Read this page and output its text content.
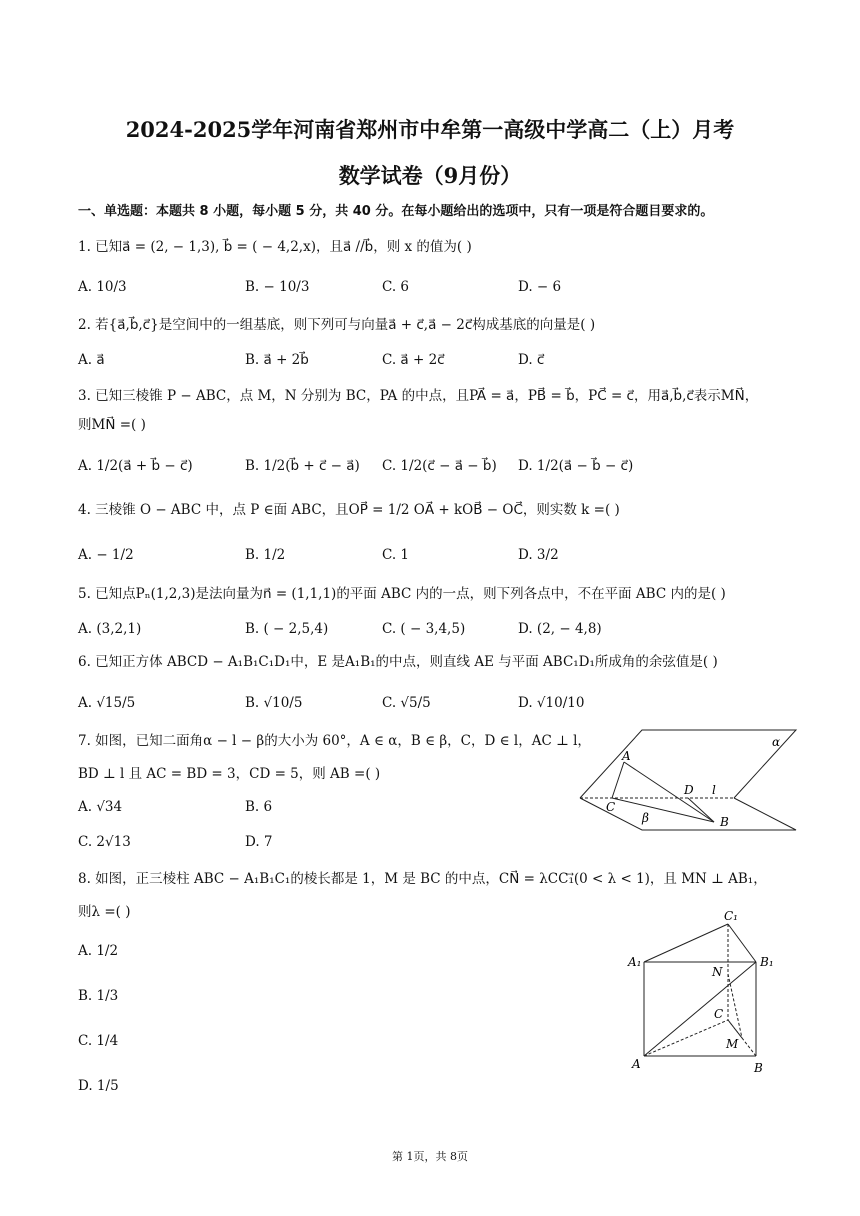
2024-2025学年河南省郑州市中牟第一高级中学高二（上）月考
数学试卷（9月份）
一、单选题：本题共 8 小题，每小题 5 分，共 40 分。在每小题给出的选项中，只有一项是符合题目要求的。
1. 已知a⃗ = (2, − 1,3), b⃗ = ( − 4,2,x)，且a⃗ //b⃗，则 x 的值为( )
A. 10/3	B. − 10/3	C. 6	D. − 6
2. 若{a⃗,b⃗,c⃗}是空间中的一组基底，则下列可与向量a⃗ + c⃗,a⃗ − 2c⃗构成基底的向量是( )
A. a⃗	B. a⃗ + 2b⃗	C. a⃗ + 2c⃗	D. c⃗
3. 已知三棱锥 P − ABC，点 M，N 分别为 BC，PA 的中点，且PA⃗ = a⃗，PB⃗ = b⃗，PC⃗ = c⃗，用a⃗,b⃗,c⃗表示MN⃗，
则MN⃗ =( )
A. 1/2(a⃗ + b⃗ − c⃗)	B. 1/2(b⃗ + c⃗ − a⃗) C. 1/2(c⃗ − a⃗ − b⃗) D. 1/2(a⃗ − b⃗ − c⃗)
4. 三棱锥 O − ABC 中，点 P ∈面 ABC，且OP⃗ = 1/2 OA⃗ + kOB⃗ − OC⃗，则实数 k =( )
A. − 1/2	B. 1/2	C. 1	D. 3/2
5. 已知点Pₙ(1,2,3)是法向量为n⃗ = (1,1,1)的平面 ABC 内的一点，则下列各点中，不在平面 ABC 内的是( )
A. (3,2,1)	B. ( − 2,5,4)	C. ( − 3,4,5)	D. (2, − 4,8)
6. 已知正方体 ABCD − A₁B₁C₁D₁中，E 是A₁B₁的中点，则直线 AE 与平面 ABC₁D₁所成角的余弦值是( )
A. √15/5	B. √10/5	C. √5/5	D. √10/10
7. 如图，已知二面角α − l − β的大小为 60°，A ∈ α，B ∈ β，C，D ∈ l，AC ⊥ l，
BD ⊥ l 且 AC = BD = 3，CD = 5，则 AB =( )
A. √34	B. 6
C. 2√13	D. 7
α
A
D l
C
β	B
8. 如图，正三棱柱 ABC − A₁B₁C₁的棱长都是 1，M 是 BC 的中点，CN⃗ = λCC₁⃗(0 < λ < 1)，且 MN ⊥ AB₁，
则λ =( )
A. 1/2
B. 1/3
C. 1/4
D. 1/5
C₁
A₁
N
B₁
C
M
A	B
第 1页，共 8页
